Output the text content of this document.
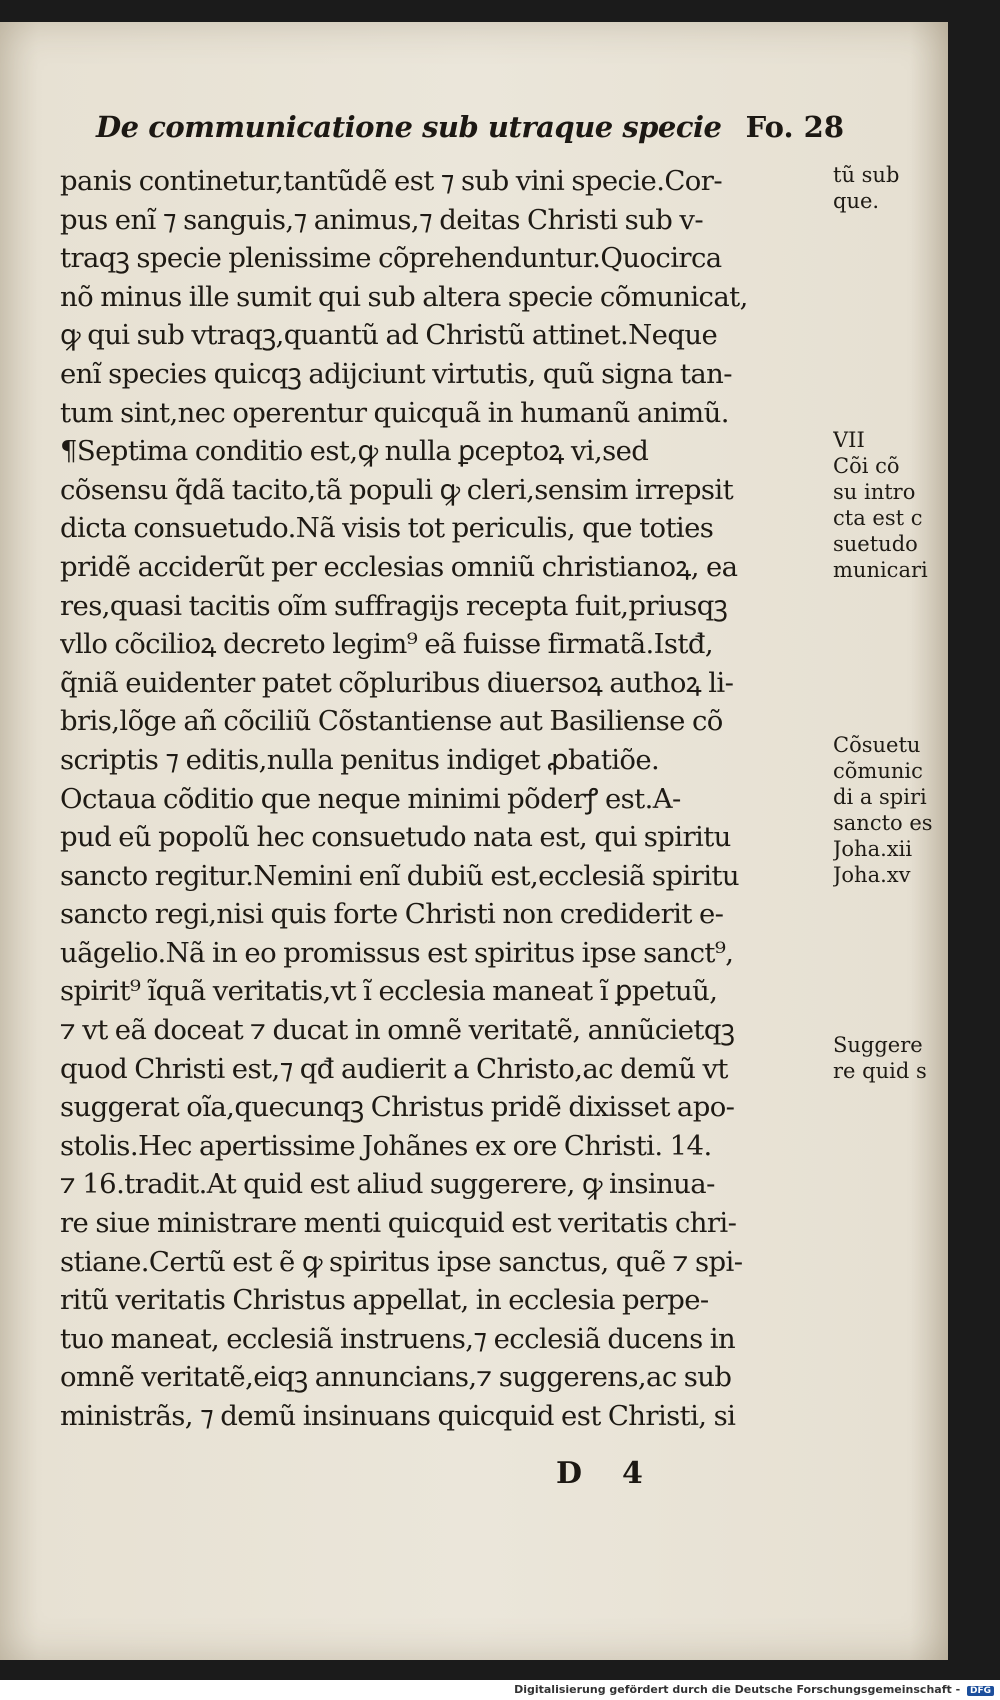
De communicatione sub utraque specie Fo. 28
panis continetur,tantũdẽ est ⁊ sub vini specie.Cor-
pus enĩ ⁊ sanguis,⁊ animus,⁊ deitas Christi sub v-
traqꝫ specie plenissime cõprehenduntur.Quocirca
nõ minus ille sumit qui sub altera specie cõmunicat,
ꝙ qui sub vtraqꝫ,quantũ ad Christũ attinet.Neque
enĩ species quicqꝫ adijciunt virtutis, quũ signa tan-
tum sint,nec operentur quicquã in humanũ animũ.
¶Septima conditio est,ꝙ nulla ꝑceptoꝝ vi,sed
cõsensu q̃dã tacito,tã populi ꝙ cleri,sensim irrepsit
dicta consuetudo.Nã visis tot periculis, que toties
pridẽ acciderũt per ecclesias omniũ christianoꝝ, ea
res,quasi tacitis oĩm suffragijs recepta fuit,priusqꝫ
vllo cõcilioꝝ decreto legim⁹ eã fuisse firmatã.Istđ,
q̃niã euidenter patet cõpluribus diuersoꝝ authoꝝ li-
bris,lõge añ cõciliũ Cõstantiense aut Basiliense cõ
scriptis ⁊ editis,nulla penitus indiget ꝓbatiõe.
Octaua cõditio que neque minimi põderꝭ est.A-
pud eũ popolũ hec consuetudo nata est, qui spiritu
sancto regitur.Nemini enĩ dubiũ est,ecclesiã spiritu
sancto regi,nisi quis forte Christi non crediderit e-
uãgelio.Nã in eo promissus est spiritus ipse sanct⁹,
spirit⁹ ĩquã veritatis,vt ĩ ecclesia maneat ĩ ꝑpetuũ,
⁊ vt eã doceat ⁊ ducat in omnẽ veritatẽ, annũcietqꝫ
quod Christi est,⁊ qđ audierit a Christo,ac demũ vt
suggerat oĩa,quecunqꝫ Christus pridẽ dixisset apo-
stolis.Hec apertissime Johãnes ex ore Christi. 14.
⁊ 16.tradit.At quid est aliud suggerere, ꝙ insinua-
re siue ministrare menti quicquid est veritatis chri-
stiane.Certũ est ẽ ꝙ spiritus ipse sanctus, quẽ ⁊ spi-
ritũ veritatis Christus appellat, in ecclesia perpe-
tuo maneat, ecclesiã instruens,⁊ ecclesiã ducens in
omnẽ veritatẽ,eiqꝫ annuncians,⁊ suggerens,ac sub
ministrãs, ⁊ demũ insinuans quicquid est Christi, si
tũ sub
que.
VII
Cõi cõ
su intro
cta est c
suetudo
municari
Cõsuetu
cõmunic
di a spiri
sancto es
Joha.xii
Joha.xv
Suggere
re quid s
D 4
Digitalisierung gefördert durch die Deutsche Forschungsgemeinschaft - DFG
